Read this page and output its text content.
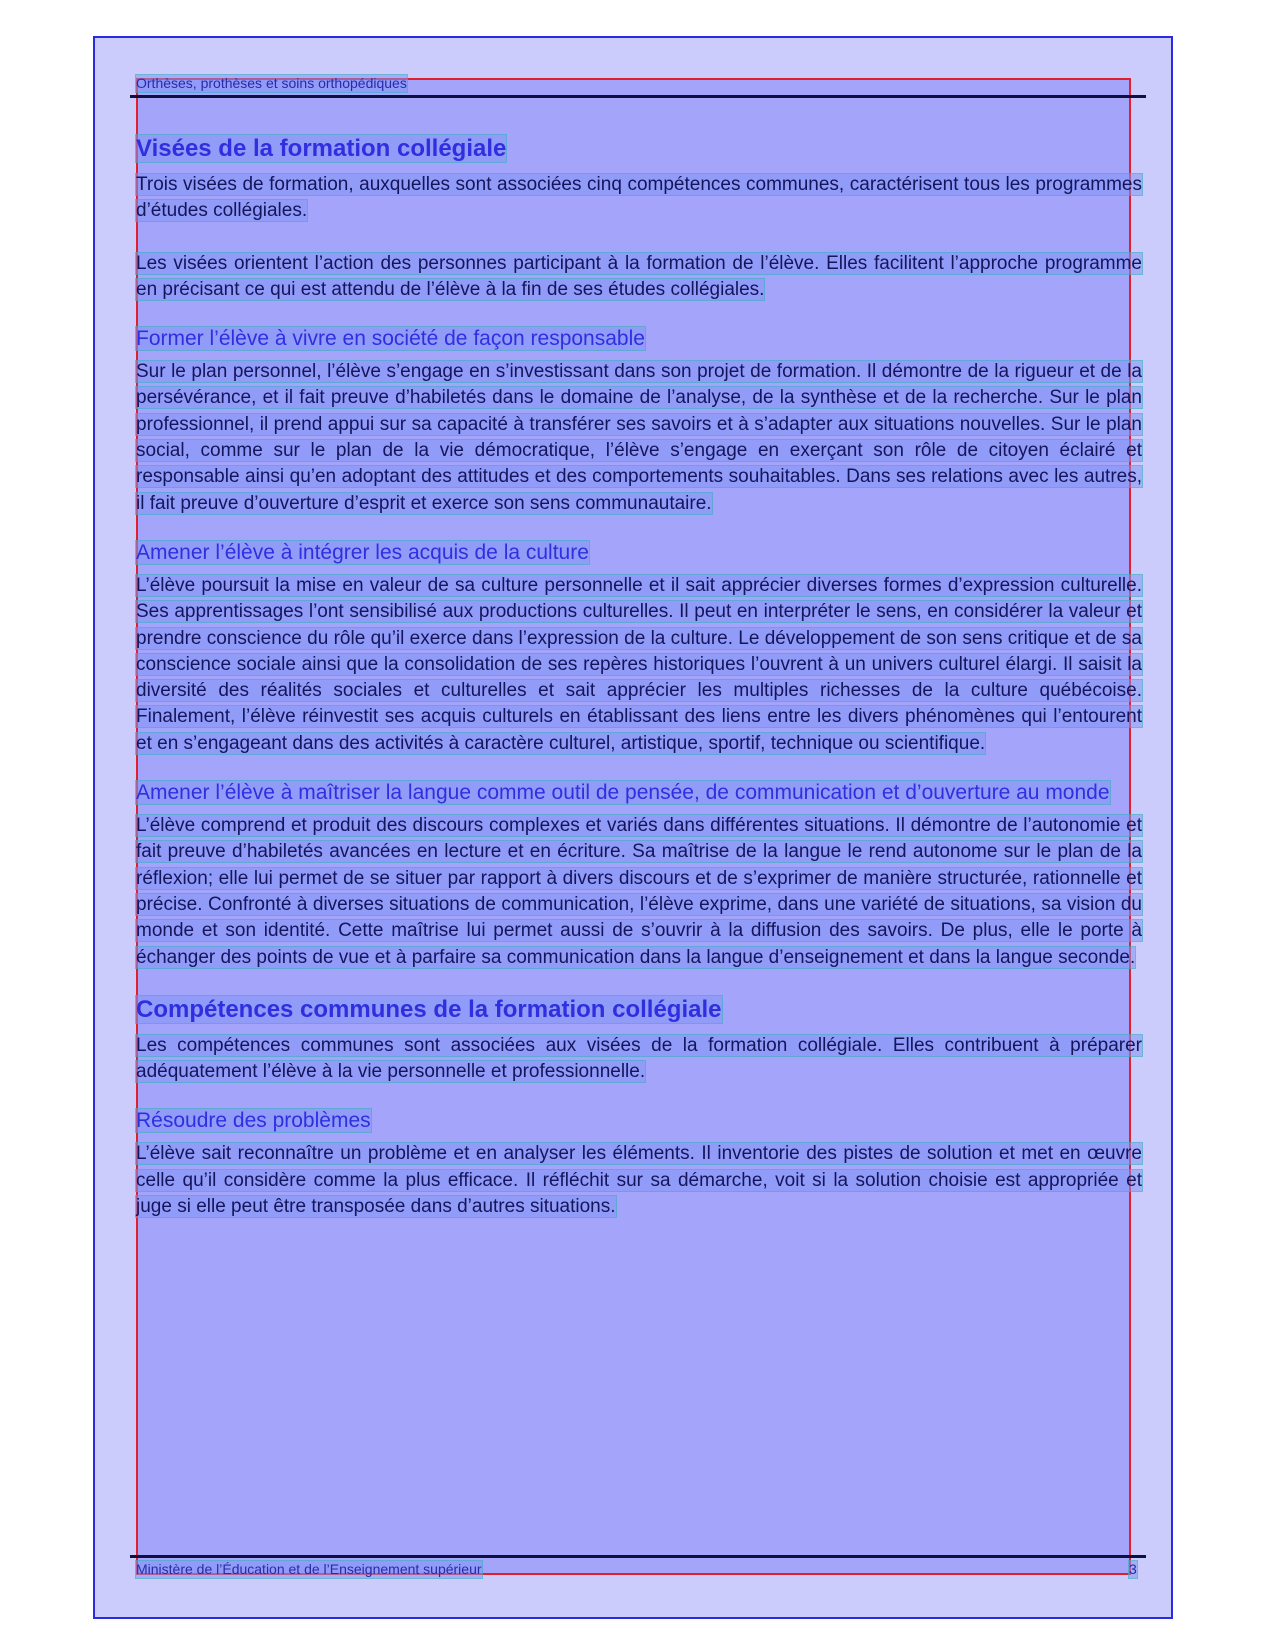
Orthèses, prothèses et soins orthopédiques
Visées de la formation collégiale
Trois visées de formation, auxquelles sont associées cinq compétences communes, caractérisent tous les programmes d’études collégiales.
Les visées orientent l’action des personnes participant à la formation de l’élève. Elles facilitent l’approche programme en précisant ce qui est attendu de l’élève à la fin de ses études collégiales.
Former l’élève à vivre en société de façon responsable
Sur le plan personnel, l’élève s’engage en s’investissant dans son projet de formation. Il démontre de la rigueur et de la persévérance, et il fait preuve d’habiletés dans le domaine de l’analyse, de la synthèse et de la recherche. Sur le plan professionnel, il prend appui sur sa capacité à transférer ses savoirs et à s’adapter aux situations nouvelles. Sur le plan social, comme sur le plan de la vie démocratique, l’élève s’engage en exerçant son rôle de citoyen éclairé et responsable ainsi qu’en adoptant des attitudes et des comportements souhaitables. Dans ses relations avec les autres, il fait preuve d’ouverture d’esprit et exerce son sens communautaire.
Amener l’élève à intégrer les acquis de la culture
L’élève poursuit la mise en valeur de sa culture personnelle et il sait apprécier diverses formes d’expression culturelle. Ses apprentissages l’ont sensibilisé aux productions culturelles. Il peut en interpréter le sens, en considérer la valeur et prendre conscience du rôle qu’il exerce dans l’expression de la culture. Le développement de son sens critique et de sa conscience sociale ainsi que la consolidation de ses repères historiques l’ouvrent à un univers culturel élargi. Il saisit la diversité des réalités sociales et culturelles et sait apprécier les multiples richesses de la culture québécoise. Finalement, l’élève réinvestit ses acquis culturels en établissant des liens entre les divers phénomènes qui l’entourent et en s’engageant dans des activités à caractère culturel, artistique, sportif, technique ou scientifique.
Amener l’élève à maîtriser la langue comme outil de pensée, de communication et d’ouverture au monde
L’élève comprend et produit des discours complexes et variés dans différentes situations. Il démontre de l’autonomie et fait preuve d’habiletés avancées en lecture et en écriture. Sa maîtrise de la langue le rend autonome sur le plan de la réflexion; elle lui permet de se situer par rapport à divers discours et de s’exprimer de manière structurée, rationnelle et précise. Confronté à diverses situations de communication, l’élève exprime, dans une variété de situations, sa vision du monde et son identité. Cette maîtrise lui permet aussi de s’ouvrir à la diffusion des savoirs. De plus, elle le porte à échanger des points de vue et à parfaire sa communication dans la langue d’enseignement et dans la langue seconde.
Compétences communes de la formation collégiale
Les compétences communes sont associées aux visées de la formation collégiale. Elles contribuent à préparer adéquatement l’élève à la vie personnelle et professionnelle.
Résoudre des problèmes
L’élève sait reconnaître un problème et en analyser les éléments. Il inventorie des pistes de solution et met en œuvre celle qu’il considère comme la plus efficace. Il réfléchit sur sa démarche, voit si la solution choisie est appropriée et juge si elle peut être transposée dans d’autres situations.
Ministère de l’Éducation et de l’Enseignement supérieur	3
